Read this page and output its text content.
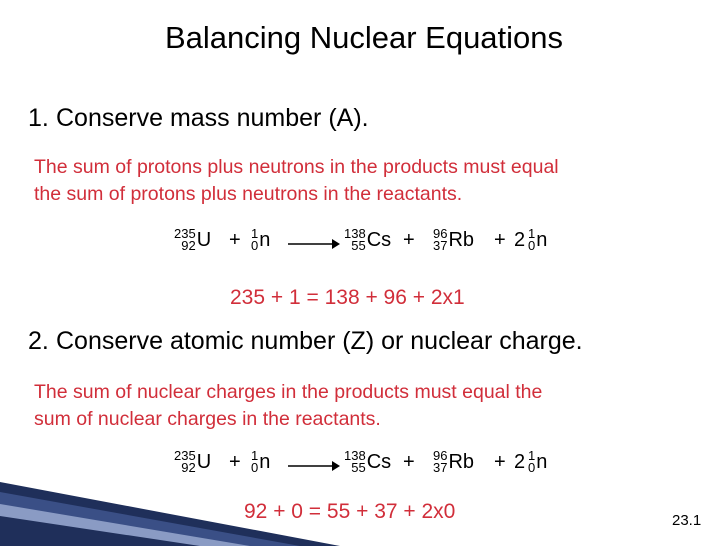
Balancing Nuclear Equations
1. Conserve mass number (A).
The sum of protons plus neutrons in the products must equal
the sum of protons plus neutrons in the reactants.
235
92 U + 1
0 n →
138
55 Cs + 96
37 Rb + 2 1
0 n
235 + 1 = 138 + 96 + 2x1
2. Conserve atomic number (Z) or nuclear charge.
The sum of nuclear charges in the products must equal the
sum of nuclear charges in the reactants.
235
92 U + 1
0 n →
138
55 Cs + 96
37 Rb + 2 1
0 n
92 + 0 = 55 + 37 + 2x0	23.1
